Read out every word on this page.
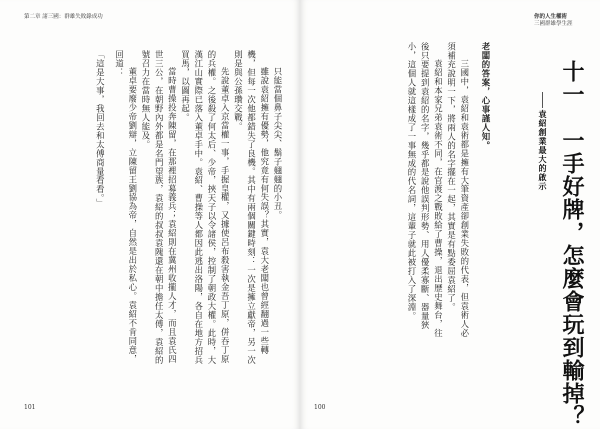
第二章 諸三國：群雄失敗錄成功

只能當個鼻子尖尖、鬍子翹翹的小丑。

雖說袁紹擁有優勢，他究竟有何失誤？其實，袁大老闆也曾經翻過一些轉機，但每一次他都錯失了良機。其中有兩個關鍵時刻：一次是擁立獻帝，另一次則是與公孫瓚交戰。

先說董卓入京當權一事，手握皇權，又據使呂布殺害執金吾丁原，併吞丁原的兵權。之後殺了何太后、少帝，挾天子以令諸侯，控制了朝政大權。此時，大漢江山實際已落入董卓手中。袁紹、曹操等人都因此逃出洛陽，各自在地方招兵買馬，以圖再起。

當時曹操投奔陳留，在那裡招募義兵；袁紹則在冀州收攏人才，而且袁氏四世三公，在朝野內外都是名門望族，袁紹的叔叔袁隗還在朝中擔任太傅，袁紹的號召力在當時無人能及。

董卓要廢少帝劉辯，立陳留王劉協為帝，自然是出於私心。袁紹不肯同意，回道：

「這是大事，我回去和太傅商量看看。」

101
你的人生權術
三國群雄學生涯
十一　一手好牌，怎麼會玩到輸掉？
袁紹創業最大的啟示

老闆的答案，心事謹人知。

三國中，袁紹和袁術都是擁有大筆資產卻創業失敗的代表，但袁術人必須補充說明一下，將兩人的名字擺在一起，其實是有點委屈袁紹了。

袁紹和本家兄弟袁術不同，在官渡之戰敗給了曹操，退出歷史舞台，往後只要提到袁紹的名字，幾乎都是說他誤判形勢、用人優柔寡斷、器量狹小，這個人就這樣成了一事無成的代名詞，這輩子就此被打入了深淵。

100
